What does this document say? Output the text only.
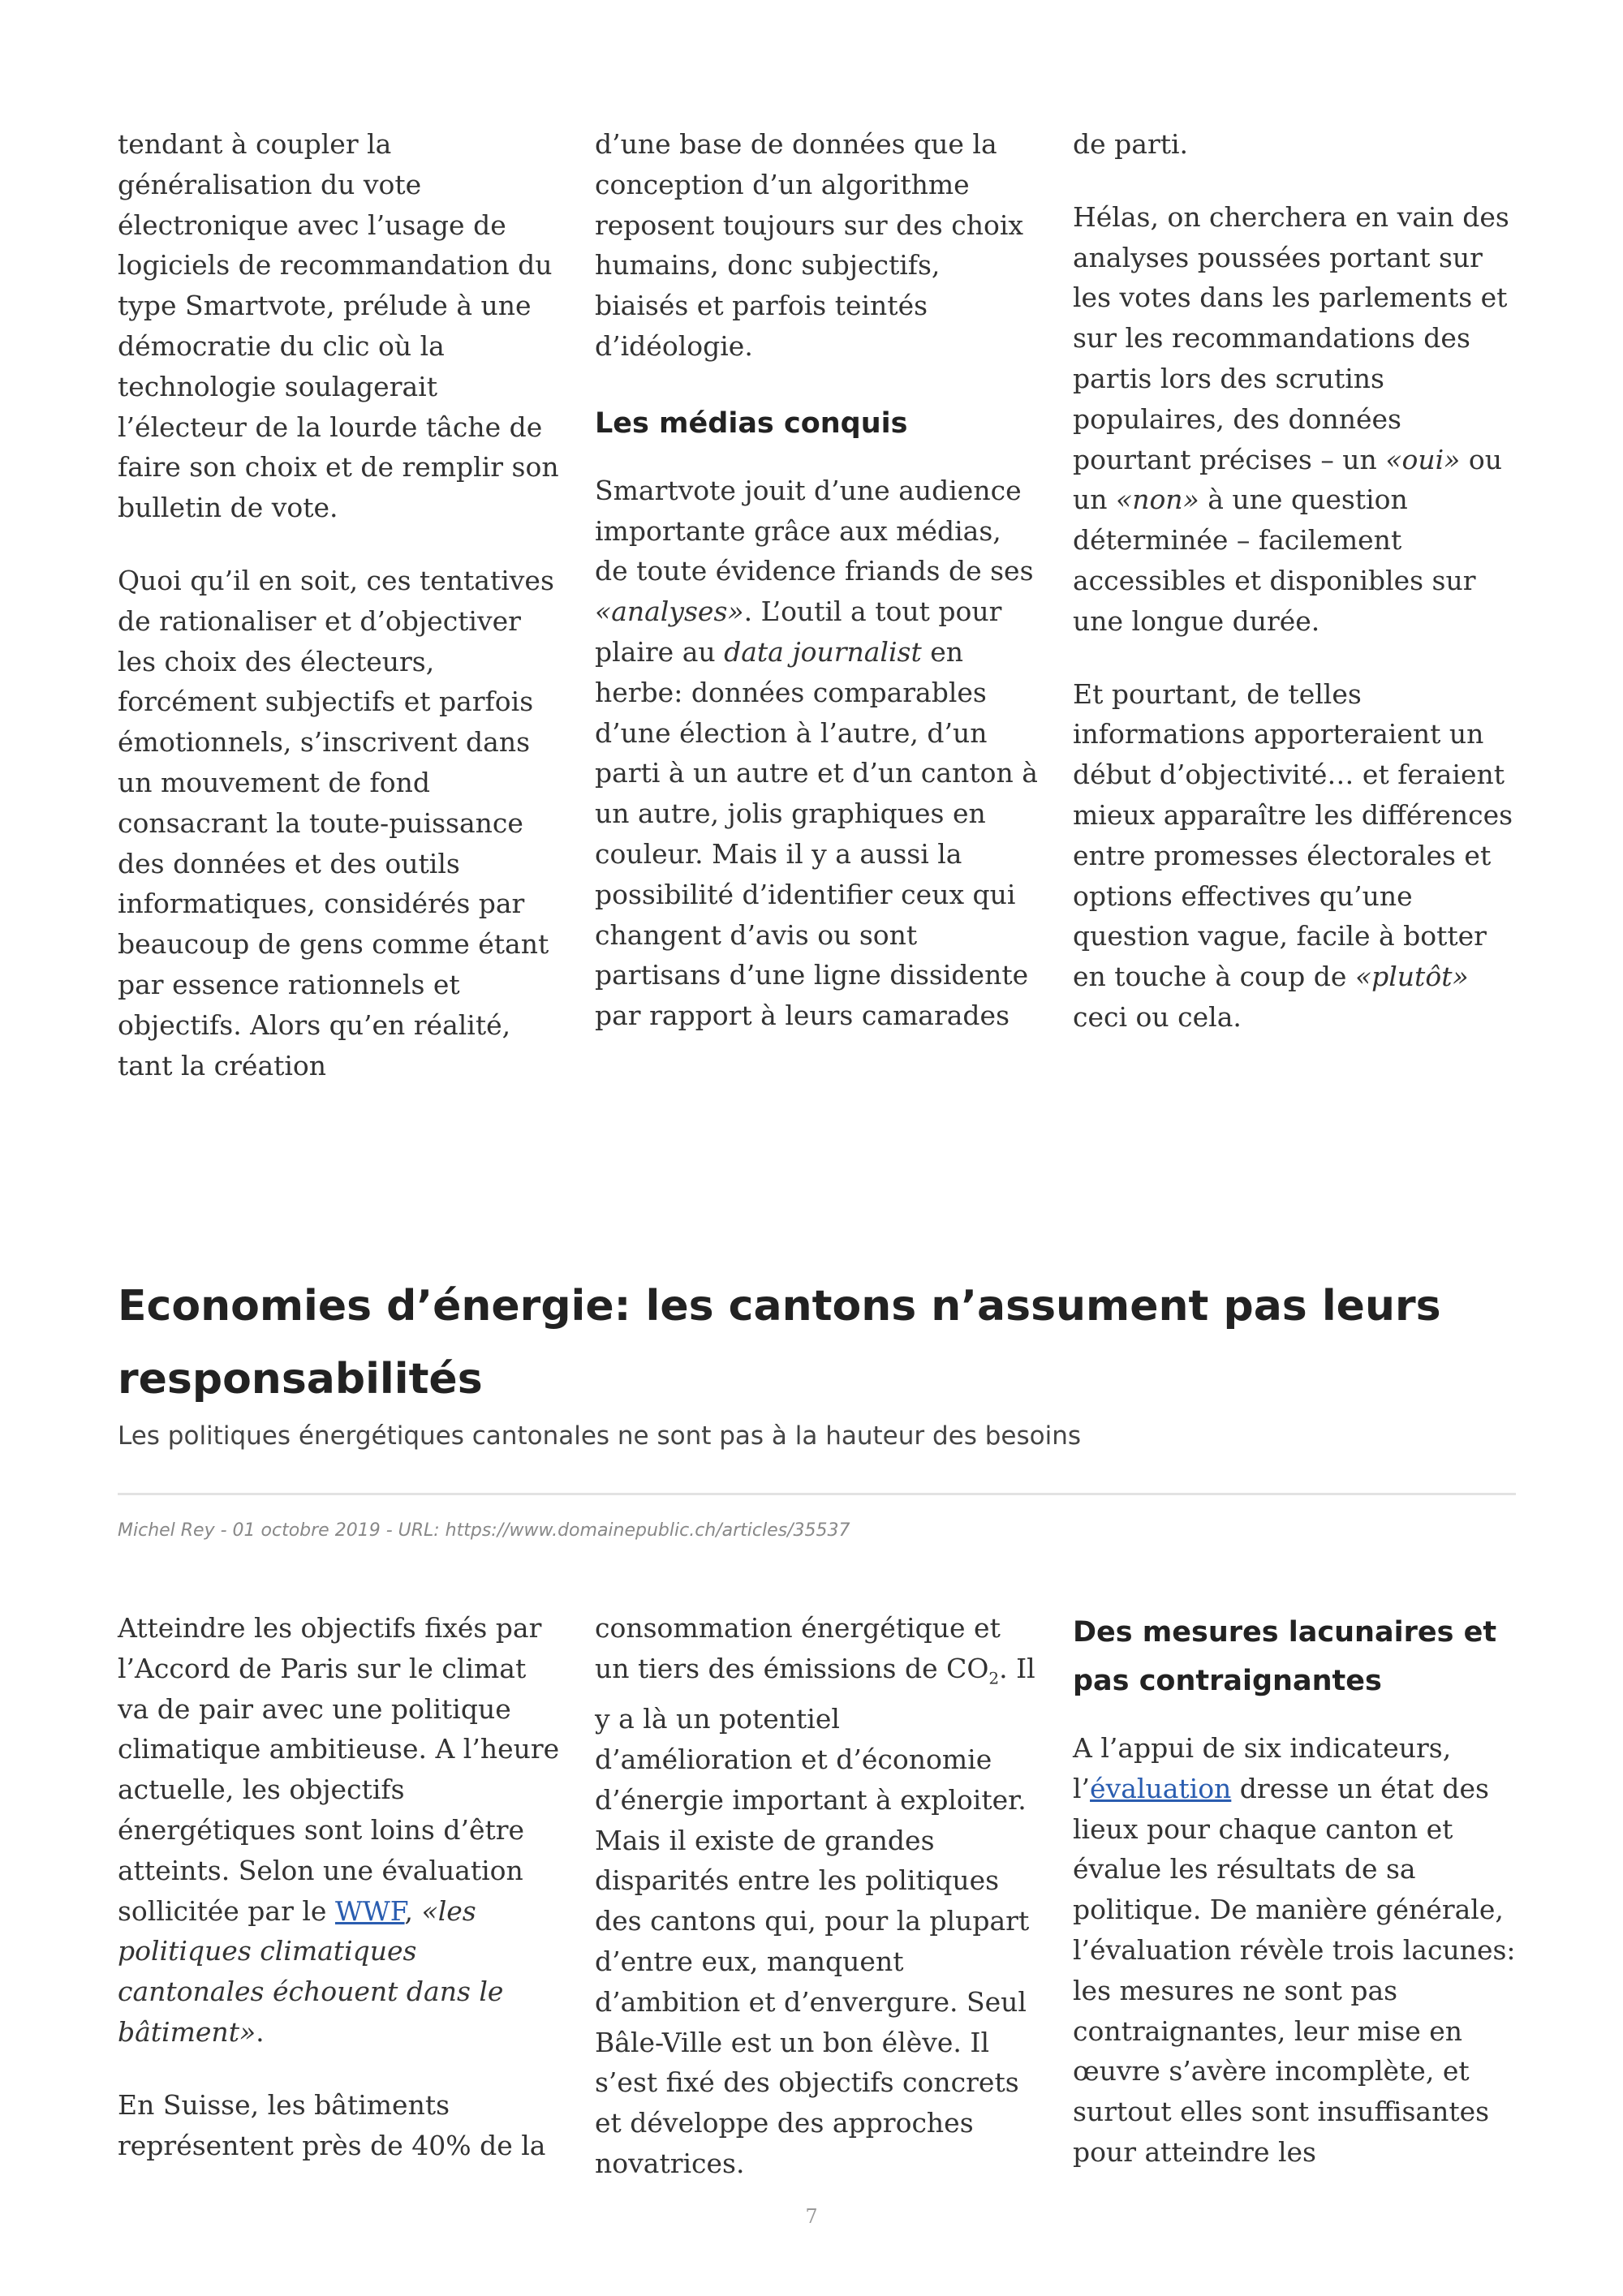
tendant à coupler la généralisation du vote électronique avec l’usage de logiciels de recommandation du type Smartvote, prélude à une démocratie du clic où la technologie soulagerait l’électeur de la lourde tâche de faire son choix et de remplir son bulletin de vote.

Quoi qu’il en soit, ces tentatives de rationaliser et d’objectiver les choix des électeurs, forcément subjectifs et parfois émotionnels, s’inscrivent dans un mouvement de fond consacrant la toute-puissance des données et des outils informatiques, considérés par beaucoup de gens comme étant par essence rationnels et objectifs. Alors qu’en réalité, tant la création

d’une base de données que la conception d’un algorithme reposent toujours sur des choix humains, donc subjectifs, biaisés et parfois teintés d’idéologie.

Les médias conquis

Smartvote jouit d’une audience importante grâce aux médias, de toute évidence friands de ses «analyses». L’outil a tout pour plaire au data journalist en herbe: données comparables d’une élection à l’autre, d’un parti à un autre et d’un canton à un autre, jolis graphiques en couleur. Mais il y a aussi la possibilité d’identifier ceux qui changent d’avis ou sont partisans d’une ligne dissidente par rapport à leurs camarades

de parti.

Hélas, on cherchera en vain des analyses poussées portant sur les votes dans les parlements et sur les recommandations des partis lors des scrutins populaires, des données pourtant précises – un «oui» ou un «non» à une question déterminée – facilement accessibles et disponibles sur une longue durée.

Et pourtant, de telles informations apporteraient un début d’objectivité… et feraient mieux apparaître les différences entre promesses électorales et options effectives qu’une question vague, facile à botter en touche à coup de «plutôt» ceci ou cela.

Economies d’énergie: les cantons n’assument pas leurs responsabilités

Les politiques énergétiques cantonales ne sont pas à la hauteur des besoins

Michel Rey - 01 octobre 2019 - URL: https://www.domainepublic.ch/articles/35537

Atteindre les objectifs fixés par l’Accord de Paris sur le climat va de pair avec une politique climatique ambitieuse. A l’heure actuelle, les objectifs énergétiques sont loins d’être atteints. Selon une évaluation sollicitée par le WWF, «les politiques climatiques cantonales échouent dans le bâtiment».

En Suisse, les bâtiments représentent près de 40% de la

consommation énergétique et un tiers des émissions de $CO_2$. Il y a là un potentiel d’amélioration et d’économie d’énergie important à exploiter. Mais il existe de grandes disparités entre les politiques des cantons qui, pour la plupart d’entre eux, manquent d’ambition et d’envergure. Seul Bâle-Ville est un bon élève. Il s’est fixé des objectifs concrets et développe des approches novatrices.

Des mesures lacunaires et pas contraignantes

A l’appui de six indicateurs, l’évaluation dresse un état des lieux pour chaque canton et évalue les résultats de sa politique. De manière générale, l’évaluation révèle trois lacunes: les mesures ne sont pas contraignantes, leur mise en œuvre s’avère incomplète, et surtout elles sont insuffisantes pour atteindre les

7
